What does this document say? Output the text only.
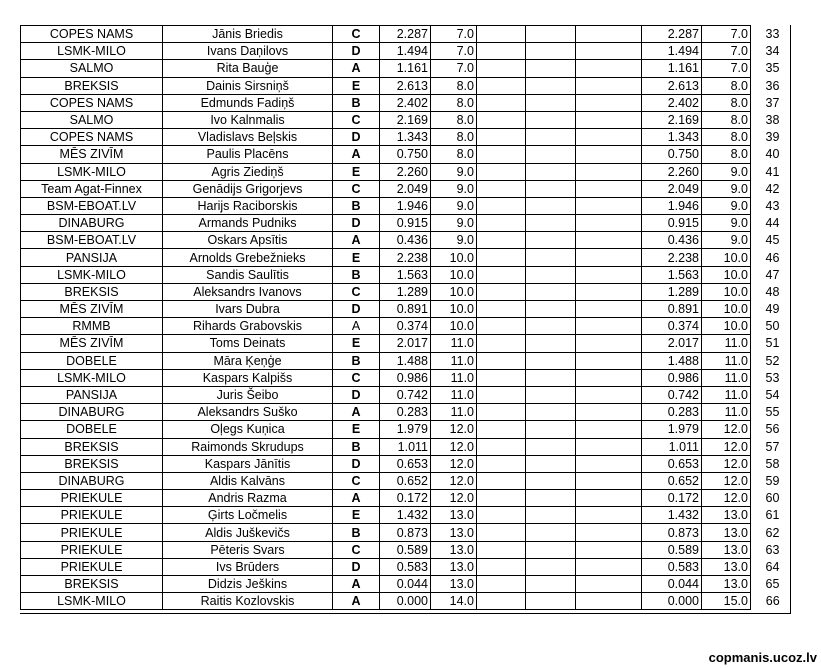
COPES NAMS	Jānis Briedis	C	2.287	7.0				2.287	7.0	33
LSMK-MILO	Ivans Daņilovs	D	1.494	7.0				1.494	7.0	34
SALMO	Rita Bauģe	A	1.161	7.0				1.161	7.0	35
BREKSIS	Dainis Sirsniņš	E	2.613	8.0				2.613	8.0	36
COPES NAMS	Edmunds Fadiņš	B	2.402	8.0				2.402	8.0	37
SALMO	Ivo Kalnmalis	C	2.169	8.0				2.169	8.0	38
COPES NAMS	Vladislavs Beļskis	D	1.343	8.0				1.343	8.0	39
MĒS ZIVĪM	Paulis Placēns	A	0.750	8.0				0.750	8.0	40
LSMK-MILO	Agris Ziediņš	E	2.260	9.0				2.260	9.0	41
Team Agat-Finnex	Genādijs Grigorjevs	C	2.049	9.0				2.049	9.0	42
BSM-EBOAT.LV	Harijs Raciborskis	B	1.946	9.0				1.946	9.0	43
DINABURG	Armands Pudniks	D	0.915	9.0				0.915	9.0	44
BSM-EBOAT.LV	Oskars Apsītis	A	0.436	9.0				0.436	9.0	45
PANSIJA	Arnolds Grebežnieks	E	2.238	10.0				2.238	10.0	46
LSMK-MILO	Sandis Saulītis	B	1.563	10.0				1.563	10.0	47
BREKSIS	Aleksandrs Ivanovs	C	1.289	10.0				1.289	10.0	48
MĒS ZIVĪM	Ivars Dubra	D	0.891	10.0				0.891	10.0	49
RMMB	Rihards Grabovskis	A	0.374	10.0				0.374	10.0	50
MĒS ZIVĪM	Toms Deinats	E	2.017	11.0				2.017	11.0	51
DOBELE	Māra Ķeņģe	B	1.488	11.0				1.488	11.0	52
LSMK-MILO	Kaspars Kalpišs	C	0.986	11.0				0.986	11.0	53
PANSIJA	Juris Šeibo	D	0.742	11.0				0.742	11.0	54
DINABURG	Aleksandrs Suško	A	0.283	11.0				0.283	11.0	55
DOBELE	Oļegs Kuņica	E	1.979	12.0				1.979	12.0	56
BREKSIS	Raimonds Skrudups	B	1.011	12.0				1.011	12.0	57
BREKSIS	Kaspars Jānītis	D	0.653	12.0				0.653	12.0	58
DINABURG	Aldis Kalvāns	C	0.652	12.0				0.652	12.0	59
PRIEKULE	Andris Razma	A	0.172	12.0				0.172	12.0	60
PRIEKULE	Ģirts Ločmelis	E	1.432	13.0				1.432	13.0	61
PRIEKULE	Aldis Juškevičs	B	0.873	13.0				0.873	13.0	62
PRIEKULE	Pēteris Svars	C	0.589	13.0				0.589	13.0	63
PRIEKULE	Ivs Brūders	D	0.583	13.0				0.583	13.0	64
BREKSIS	Didzis Ješkins	A	0.044	13.0				0.044	13.0	65
LSMK-MILO	Raitis Kozlovskis	A	0.000	14.0				0.000	15.0	66
copmanis.ucoz.lv
